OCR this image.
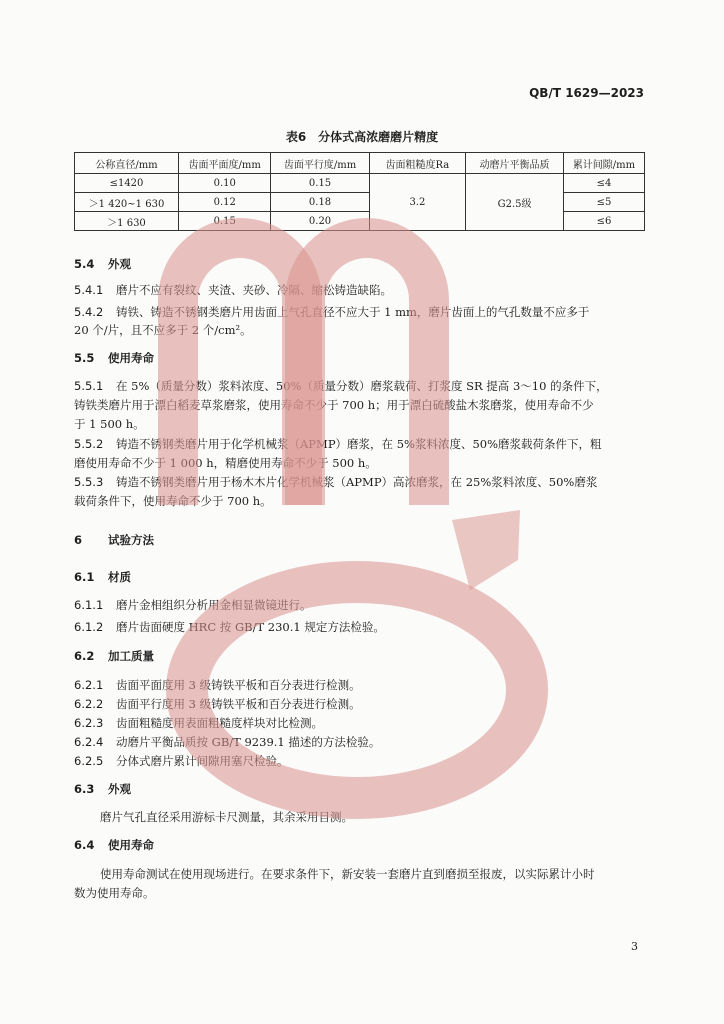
QB/T 1629—2023
表6　分体式高浓磨磨片精度
公称直径/mm	齿面平面度/mm	齿面平行度/mm	齿面粗糙度Ra	动磨片平衡品质	累计间隙/mm
≤1420	0.10	0.15	3.2	G2.5级	≤4
＞1 420~1 630	0.12	0.18			≤5
＞1 630	0.15	0.20			≤6
5.4 外观
5.4.1 磨片不应有裂纹、夹渣、夹砂、冷隔、缩松铸造缺陷。
5.4.2 铸铁、铸造不锈钢类磨片用齿面上气孔直径不应大于 1 mm，磨片齿面上的气孔数量不应多于
20 个/片，且不应多于 2 个/cm²。
5.5 使用寿命
5.5.1 在 5%（质量分数）浆料浓度、50%（质量分数）磨浆载荷、打浆度 SR 提高 3～10 的条件下，
铸铁类磨片用于漂白稻麦草浆磨浆，使用寿命不少于 700 h；用于漂白硫酸盐木浆磨浆，使用寿命不少
于 1 500 h。
5.5.2 铸造不锈钢类磨片用于化学机械浆（APMP）磨浆，在 5%浆料浓度、50%磨浆载荷条件下，粗
磨使用寿命不少于 1 000 h，精磨使用寿命不少于 500 h。
5.5.3 铸造不锈钢类磨片用于杨木木片化学机械浆（APMP）高浓磨浆，在 25%浆料浓度、50%磨浆
载荷条件下，使用寿命不少于 700 h。
6 试验方法
6.1 材质
6.1.1 磨片金相组织分析用金相显微镜进行。
6.1.2 磨片齿面硬度 HRC 按 GB/T 230.1 规定方法检验。
6.2 加工质量
6.2.1 齿面平面度用 3 级铸铁平板和百分表进行检测。
6.2.2 齿面平行度用 3 级铸铁平板和百分表进行检测。
6.2.3 齿面粗糙度用表面粗糙度样块对比检测。
6.2.4 动磨片平衡品质按 GB/T 9239.1 描述的方法检验。
6.2.5 分体式磨片累计间隙用塞尺检验。
6.3 外观
磨片气孔直径采用游标卡尺测量，其余采用目测。
6.4 使用寿命
使用寿命测试在使用现场进行。在要求条件下，新安装一套磨片直到磨损至报废，以实际累计小时
数为使用寿命。
3
